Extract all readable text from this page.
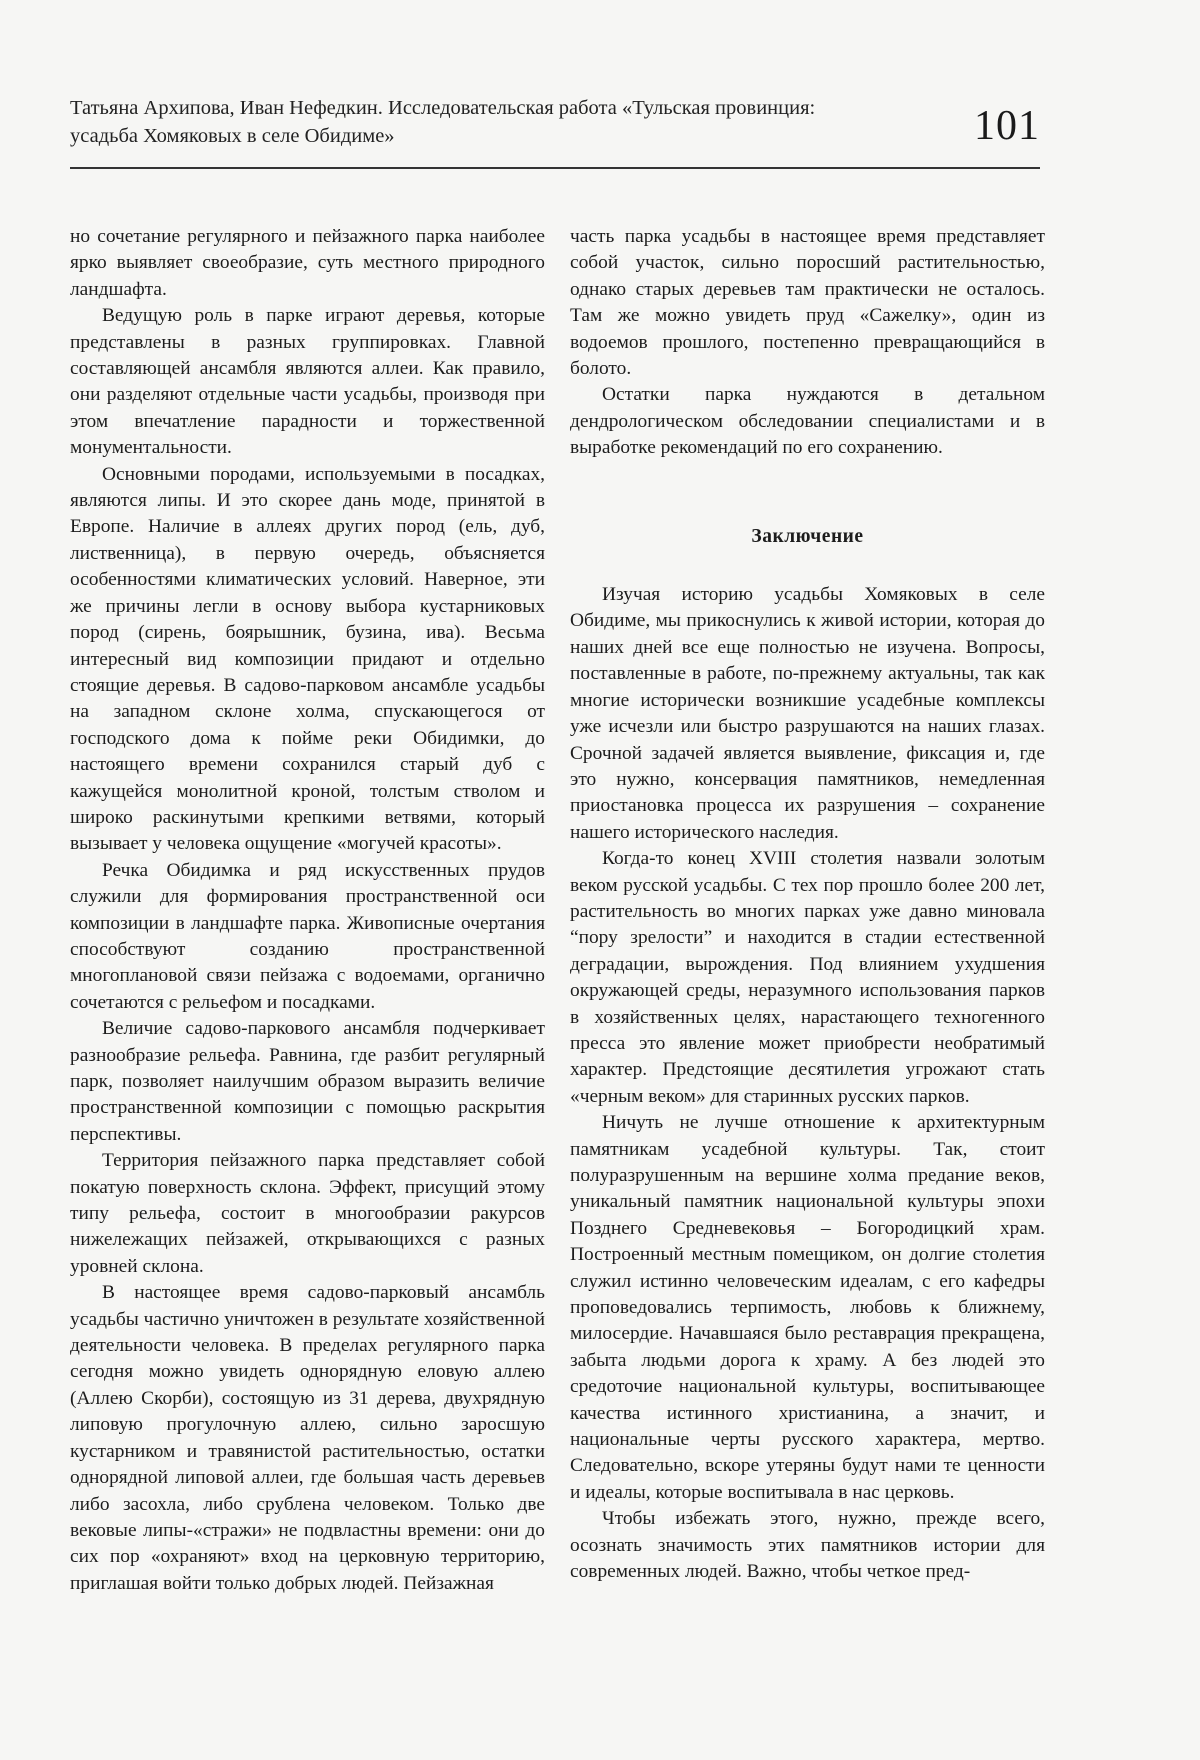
Татьяна Архипова, Иван Нефедкин. Исследовательская работа «Тульская провинция:
усадьба Хомяковых в селе Обидиме»	101

но сочетание регулярного и пейзажного парка наиболее ярко выявляет своеобразие, суть местного природного ландшафта.

Ведущую роль в парке играют деревья, которые представлены в разных группировках. Главной составляющей ансамбля являются аллеи. Как правило, они разделяют отдельные части усадьбы, производя при этом впечатление парадности и торжественной монументальности.

Основными породами, используемыми в посадках, являются липы. И это скорее дань моде, принятой в Европе. Наличие в аллеях других пород (ель, дуб, лиственница), в первую очередь, объясняется особенностями климатических условий. Наверное, эти же причины легли в основу выбора кустарниковых пород (сирень, боярышник, бузина, ива). Весьма интересный вид композиции придают и отдельно стоящие деревья. В садово-парковом ансамбле усадьбы на западном склоне холма, спускающегося от господского дома к пойме реки Обидимки, до настоящего времени сохранился старый дуб с кажущейся монолитной кроной, толстым стволом и широко раскинутыми крепкими ветвями, который вызывает у человека ощущение «могучей красоты».

Речка Обидимка и ряд искусственных прудов служили для формирования пространственной оси композиции в ландшафте парка. Живописные очертания способствуют созданию пространственной многоплановой связи пейзажа с водоемами, органично сочетаются с рельефом и посадками.

Величие садово-паркового ансамбля подчеркивает разнообразие рельефа. Равнина, где разбит регулярный парк, позволяет наилучшим образом выразить величие пространственной композиции с помощью раскрытия перспективы.

Территория пейзажного парка представляет собой покатую поверхность склона. Эффект, присущий этому типу рельефа, состоит в многообразии ракурсов нижележащих пейзажей, открывающихся с разных уровней склона.

В настоящее время садово-парковый ансамбль усадьбы частично уничтожен в результате хозяйственной деятельности человека. В пределах регулярного парка сегодня можно увидеть однорядную еловую аллею (Аллею Скорби), состоящую из 31 дерева, двухрядную липовую прогулочную аллею, сильно заросшую кустарником и травянистой растительностью, остатки однорядной липовой аллеи, где большая часть деревьев либо засохла, либо срублена человеком. Только две вековые липы-«стражи» не подвластны времени: они до сих пор «охраняют» вход на церковную территорию, приглашая войти только добрых людей. Пейзажная

часть парка усадьбы в настоящее время представляет собой участок, сильно поросший растительностью, однако старых деревьев там практически не осталось. Там же можно увидеть пруд «Сажелку», один из водоемов прошлого, постепенно превращающийся в болото.

Остатки парка нуждаются в детальном дендрологическом обследовании специалистами и в выработке рекомендаций по его сохранению.

Заключение

Изучая историю усадьбы Хомяковых в селе Обидиме, мы прикоснулись к живой истории, которая до наших дней все еще полностью не изучена. Вопросы, поставленные в работе, по-прежнему актуальны, так как многие исторически возникшие усадебные комплексы уже исчезли или быстро разрушаются на наших глазах. Срочной задачей является выявление, фиксация и, где это нужно, консервация памятников, немедленная приостановка процесса их разрушения – сохранение нашего исторического наследия.

Когда-то конец XVIII столетия назвали золотым веком русской усадьбы. С тех пор прошло более 200 лет, растительность во многих парках уже давно миновала “пору зрелости” и находится в стадии естественной деградации, вырождения. Под влиянием ухудшения окружающей среды, неразумного использования парков в хозяйственных целях, нарастающего техногенного пресса это явление может приобрести необратимый характер. Предстоящие десятилетия угрожают стать «черным веком» для старинных русских парков.

Ничуть не лучше отношение к архитектурным памятникам усадебной культуры. Так, стоит полуразрушенным на вершине холма предание веков, уникальный памятник национальной культуры эпохи Позднего Средневековья – Богородицкий храм. Построенный местным помещиком, он долгие столетия служил истинно человеческим идеалам, с его кафедры проповедовались терпимость, любовь к ближнему, милосердие. Начавшаяся было реставрация прекращена, забыта людьми дорога к храму. А без людей это средоточие национальной культуры, воспитывающее качества истинного христианина, а значит, и национальные черты русского характера, мертво. Следовательно, вскоре утеряны будут нами те ценности и идеалы, которые воспитывала в нас церковь.

Чтобы избежать этого, нужно, прежде всего, осознать значимость этих памятников истории для современных людей. Важно, чтобы четкое пред-
